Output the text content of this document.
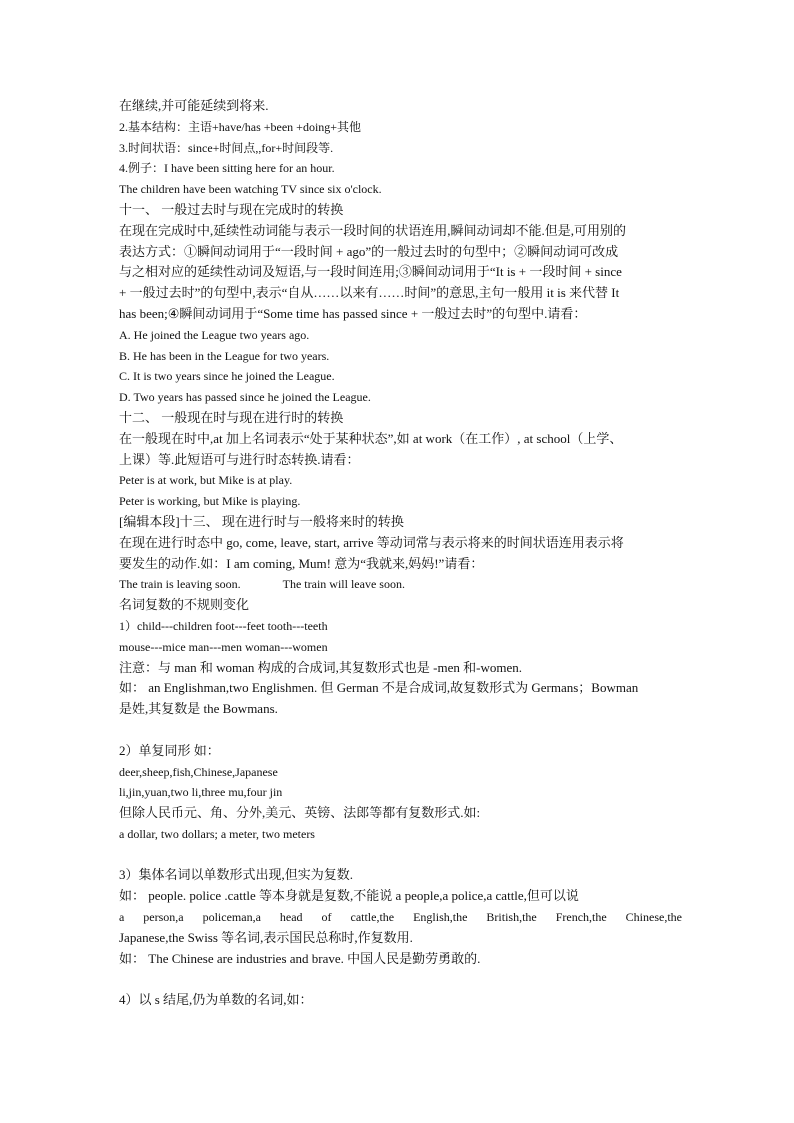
在继续,并可能延续到将来.
2.基本结构：主语+have/has +been +doing+其他
3.时间状语：since+时间点,,for+时间段等.
4.例子：I have been sitting here for an hour.
The children have been watching TV since six o'clock.
十一、 一般过去时与现在完成时的转换
在现在完成时中,延续性动词能与表示一段时间的状语连用,瞬间动词却不能.但是,可用别的
表达方式：①瞬间动词用于“一段时间 + ago”的一般过去时的句型中；②瞬间动词可改成
与之相对应的延续性动词及短语,与一段时间连用;③瞬间动词用于“It is + 一段时间 + since
+ 一般过去时”的句型中,表示“自从……以来有……时间”的意思,主句一般用 it is 来代替 It
has been;④瞬间动词用于“Some time has passed since + 一般过去时”的句型中.请看：
A. He joined the League two years ago.
B. He has been in the League for two years.
C. It is two years since he joined the League.
D. Two years has passed since he joined the League.
十二、 一般现在时与现在进行时的转换
在一般现在时中,at 加上名词表示“处于某种状态”,如 at work（在工作）, at school（上学、
上课）等.此短语可与进行时态转换.请看：
Peter is at work, but Mike is at play.
Peter is working, but Mike is playing.
[编辑本段]十三、 现在进行时与一般将来时的转换
在现在进行时态中 go, come, leave, start, arrive 等动词常与表示将来的时间状语连用表示将
要发生的动作.如：I am coming, Mum! 意为“我就来,妈妈!”请看：
The train is leaving soon.	The train will leave soon.
名词复数的不规则变化
1）child---children foot---feet tooth---teeth
mouse---mice man---men woman---women
注意：与 man 和 woman 构成的合成词,其复数形式也是 -men 和-women.
如： an Englishman,two Englishmen. 但 German 不是合成词,故复数形式为 Germans；Bowman
是姓,其复数是 the Bowmans.
2）单复同形 如：
deer,sheep,fish,Chinese,Japanese
li,jin,yuan,two li,three mu,four jin
但除人民币元、角、分外,美元、英镑、法郎等都有复数形式.如:
a dollar, two dollars; a meter, two meters
3）集体名词以单数形式出现,但实为复数.
如： people. police .cattle 等本身就是复数,不能说 a people,a police,a cattle,但可以说
a person,a policeman,a head of cattle,the English,the British,the French,the Chinese,the
Japanese,the Swiss 等名词,表示国民总称时,作复数用.
如： The Chinese are industries and brave. 中国人民是勤劳勇敢的.
4）以 s 结尾,仍为单数的名词,如：
